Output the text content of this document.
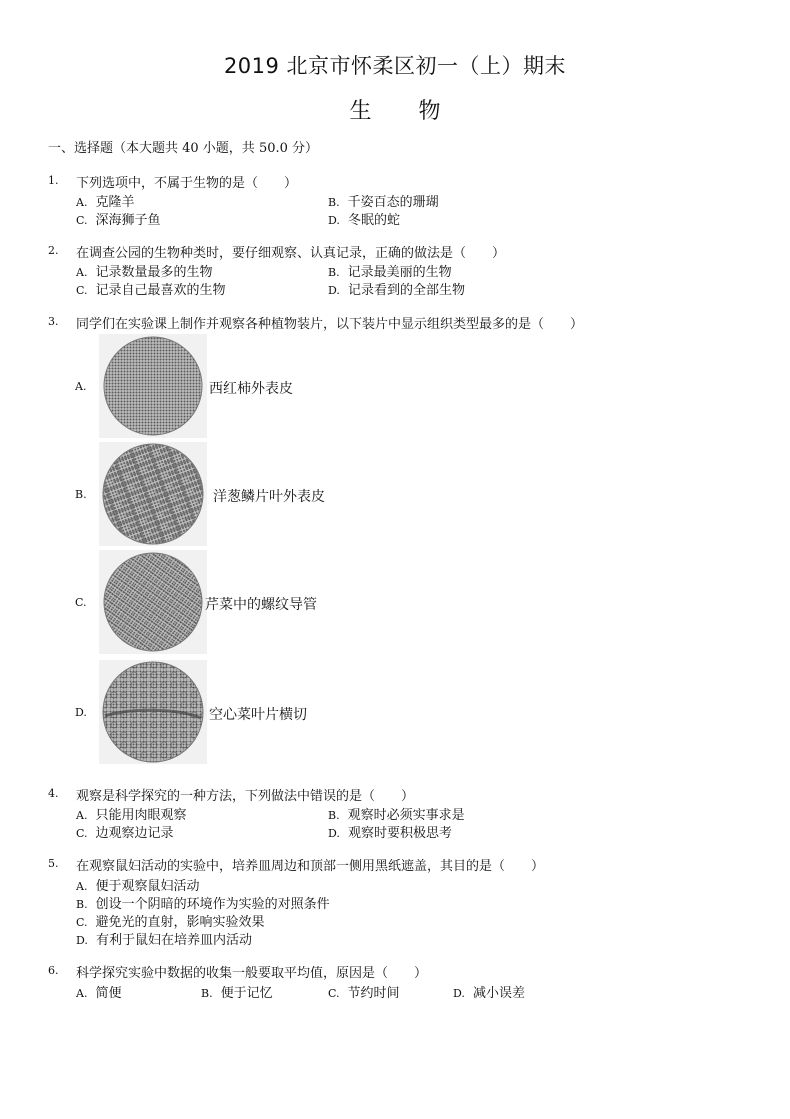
2019 北京市怀柔区初一（上）期末
生 物
一、选择题（本大题共 40 小题，共 50.0 分）
1. 下列选项中，不属于生物的是（　　）
A. 克隆羊	B. 千姿百态的珊瑚
C. 深海狮子鱼	D. 冬眠的蛇
2. 在调查公园的生物种类时，要仔细观察、认真记录，正确的做法是（　　）
A. 记录数量最多的生物	B. 记录最美丽的生物
C. 记录自己最喜欢的生物	D. 记录看到的全部生物
3. 同学们在实验课上制作并观察各种植物装片，以下装片中显示组织类型最多的是（　　）
A.	西红柿外表皮
B.	洋葱鳞片叶外表皮
C.	芹菜中的螺纹导管
D.	空心菜叶片横切
4. 观察是科学探究的一种方法，下列做法中错误的是（　　）
A. 只能用肉眼观察	B. 观察时必须实事求是
C. 边观察边记录	D. 观察时要积极思考
5. 在观察鼠妇活动的实验中，培养皿周边和顶部一侧用黑纸遮盖，其目的是（　　）
A. 便于观察鼠妇活动
B. 创设一个阴暗的环境作为实验的对照条件
C. 避免光的直射，影响实验效果
D. 有利于鼠妇在培养皿内活动
6. 科学探究实验中数据的收集一般要取平均值，原因是（　　）
A. 简便	B. 便于记忆	C. 节约时间	D. 减小误差
